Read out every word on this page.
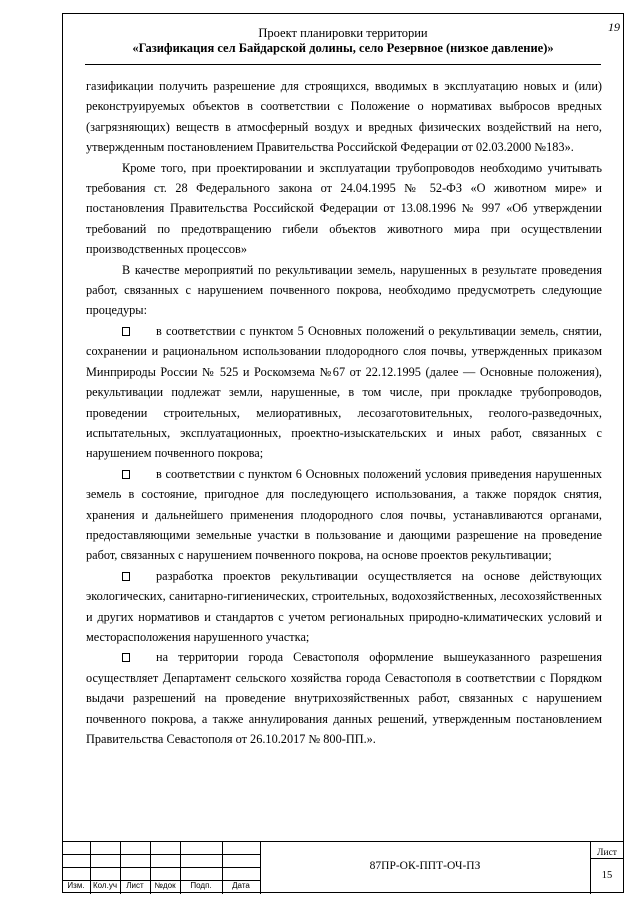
19
Проект планировки территории
«Газификация сел Байдарской долины, село Резервное (низкое давление)»

газификации получить разрешение для строящихся, вводимых в эксплуатацию новых и (или) реконструируемых объектов в соответствии с Положение о нормативах выбросов вредных (загрязняющих) веществ в атмосферный воздух и вредных физических воздействий на него, утвержденным постановлением Правительства Российской Федерации от 02.03.2000 №183».

Кроме того, при проектировании и эксплуатации трубопроводов необходимо учитывать требования ст. 28 Федерального закона от 24.04.1995 № 52-ФЗ «О животном мире» и постановления Правительства Российской Федерации от 13.08.1996 № 997 «Об утверждении требований по предотвращению гибели объектов животного мира при осуществлении производственных процессов»

В качестве мероприятий по рекультивации земель, нарушенных в результате проведения работ, связанных с нарушением почвенного покрова, необходимо предусмотреть следующие процедуры:

в соответствии с пунктом 5 Основных положений о рекультивации земель, снятии, сохранении и рациональном использовании плодородного слоя почвы, утвержденных приказом Минприроды России № 525 и Роскомзема №67 от 22.12.1995 (далее — Основные положения), рекультивации подлежат земли, нарушенные, в том числе, при прокладке трубопроводов, проведении строительных, мелиоративных, лесозаготовительных, геолого-разведочных, испытательных, эксплуатационных, проектно-изыскательских и иных работ, связанных с нарушением почвенного покрова;

в соответствии с пунктом 6 Основных положений условия приведения нарушенных земель в состояние, пригодное для последующего использования, а также порядок снятия, хранения и дальнейшего применения плодородного слоя почвы, устанавливаются органами, предоставляющими земельные участки в пользование и дающими разрешение на проведение работ, связанных с нарушением почвенного покрова, на основе проектов рекультивации;

разработка проектов рекультивации осуществляется на основе действующих экологических, санитарно-гигиенических, строительных, водохозяйственных, лесохозяйственных и других нормативов и стандартов с учетом региональных природно-климатических условий и месторасположения нарушенного участка;

на территории города Севастополя оформление вышеуказанного разрешения осуществляет Департамент сельского хозяйства города Севастополя в соответствии с Порядком выдачи разрешений на проведение внутрихозяйственных работ, связанных с нарушением почвенного покрова, а также аннулирования данных решений, утвержденным постановлением Правительства Севастополя от 26.10.2017 № 800-ПП.».

Изм.	Кол.уч	Лист	№док	Подп.	Дата
87ПР-ОК-ППТ-ОЧ-ПЗ
Лист
15
